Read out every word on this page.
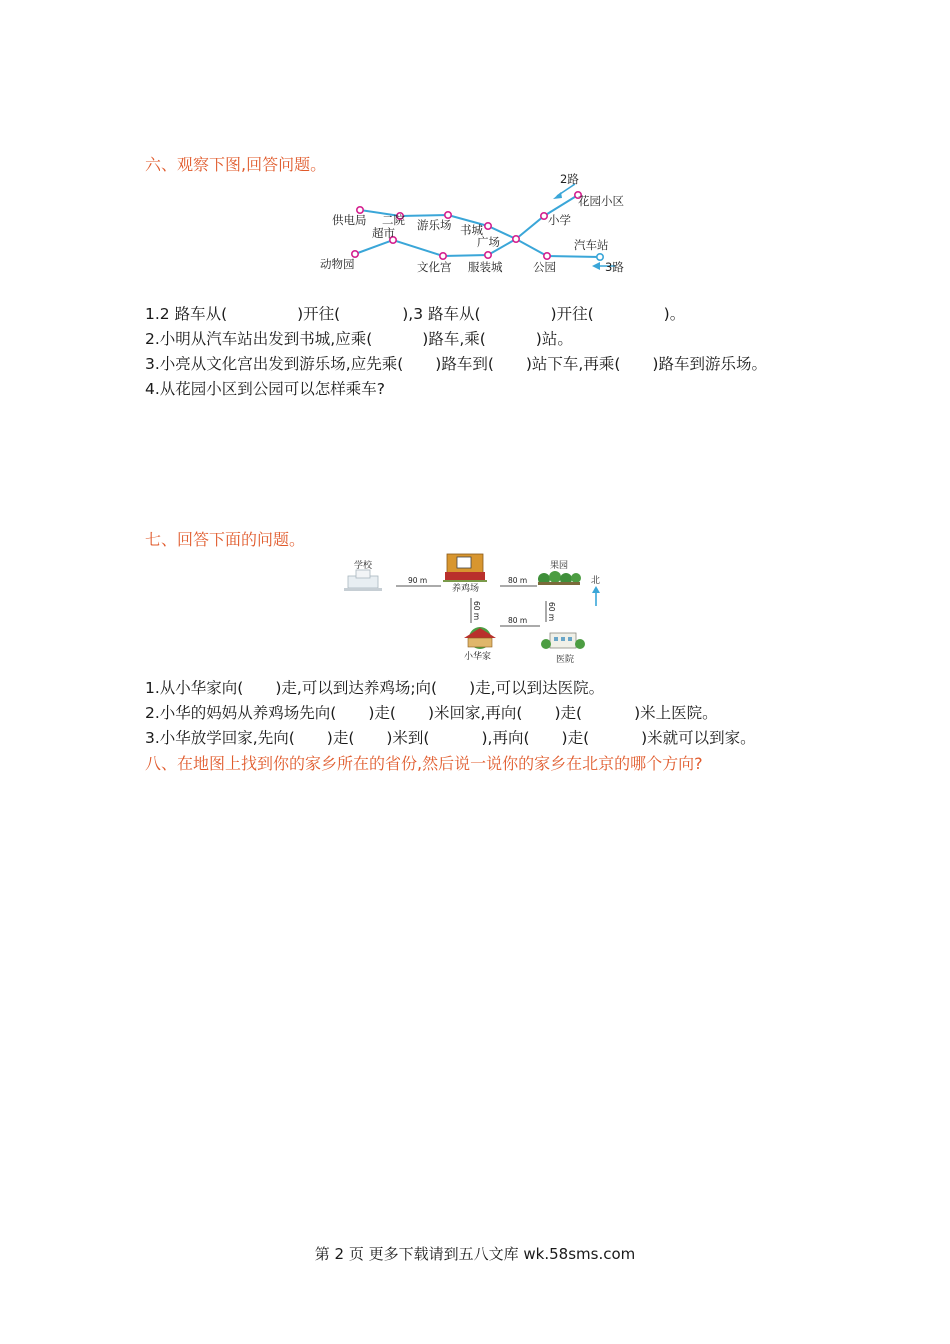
六、观察下图,回答问题。
2路
3路
供电局 二院
超市
游乐场 书城
广场
小学
花园小区
动物园	文化宫 服装城	公园
汽车站
1.2 路车从(	)开往(	),3 路车从(	)开往(	)。
2.小明从汽车站出发到书城,应乘(	)路车,乘(	)站。
3.小亮从文化宫出发到游乐场,应先乘( )路车到( )站下车,再乘( )路车到游乐场。
4.从花园小区到公园可以怎样乘车?
七、回答下面的问题。
学校
养鸡场
果园
小华家	医院
90 m	80 m
80 m
60 m	60 m
北
1.从小华家向( )走,可以到达养鸡场;向( )走,可以到达医院。
2.小华的妈妈从养鸡场先向( )走( )米回家,再向( )走(	)米上医院。
3.小华放学回家,先向( )走( )米到(	),再向( )走(	)米就可以到家。
八、在地图上找到你的家乡所在的省份,然后说一说你的家乡在北京的哪个方向?
第 2 页 更多下载请到五八文库 wk.58sms.com
